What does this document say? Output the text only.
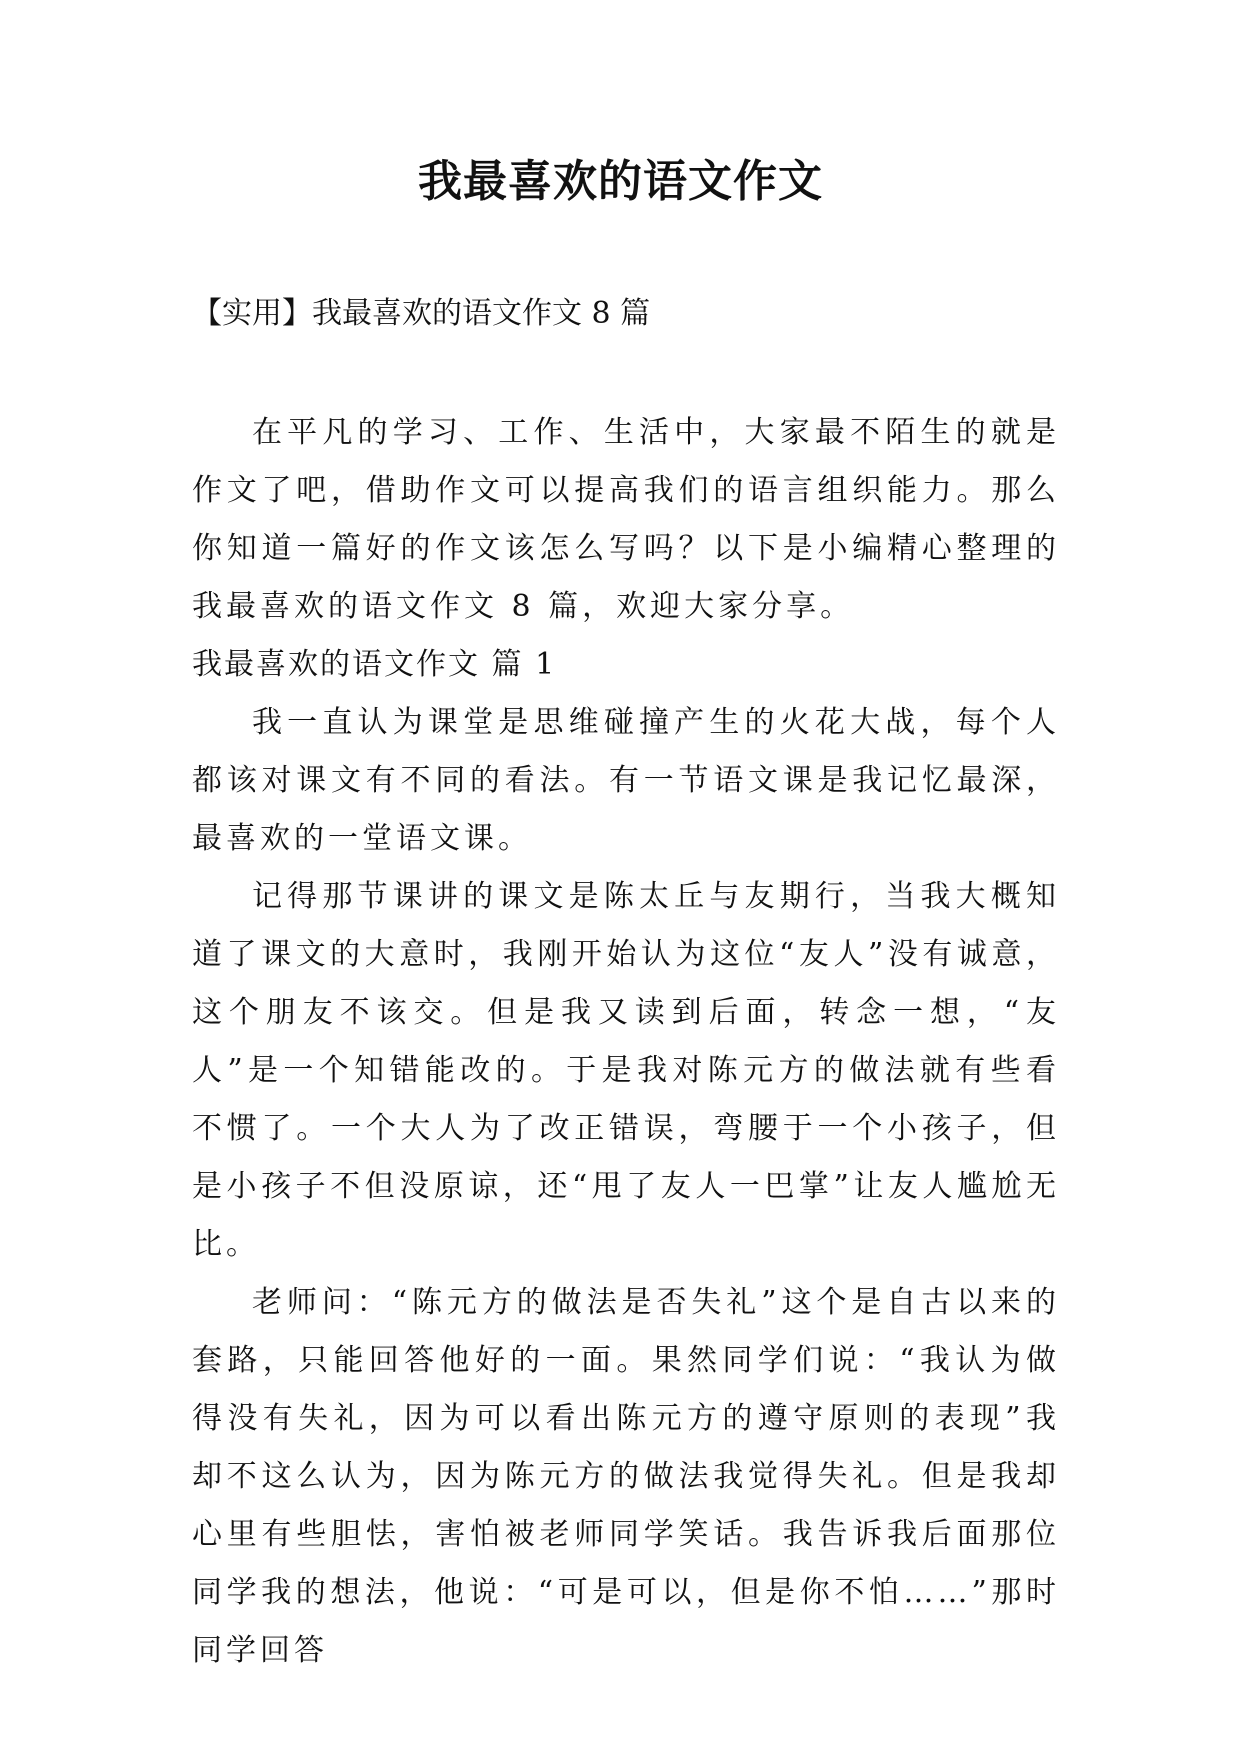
我最喜欢的语文作文

【实用】我最喜欢的语文作文 8 篇

在平凡的学习、工作、生活中，大家最不陌生的就是作文了吧，借助作文可以提高我们的语言组织能力。那么你知道一篇好的作文该怎么写吗？以下是小编精心整理的我最喜欢的语文作文 8 篇，欢迎大家分享。

我最喜欢的语文作文 篇 1

我一直认为课堂是思维碰撞产生的火花大战，每个人都该对课文有不同的看法。有一节语文课是我记忆最深，最喜欢的一堂语文课。

记得那节课讲的课文是陈太丘与友期行，当我大概知道了课文的大意时，我刚开始认为这位“友人”没有诚意，这个朋友不该交。但是我又读到后面，转念一想，“友人”是一个知错能改的。于是我对陈元方的做法就有些看不惯了。一个大人为了改正错误，弯腰于一个小孩子，但是小孩子不但没原谅，还“甩了友人一巴掌”让友人尴尬无比。

老师问：“陈元方的做法是否失礼”这个是自古以来的套路，只能回答他好的一面。果然同学们说：“我认为做得没有失礼，因为可以看出陈元方的遵守原则的表现”我却不这么认为，因为陈元方的做法我觉得失礼。但是我却心里有些胆怯，害怕被老师同学笑话。我告诉我后面那位同学我的想法，他说：“可是可以，但是你不怕……”那时同学回答
